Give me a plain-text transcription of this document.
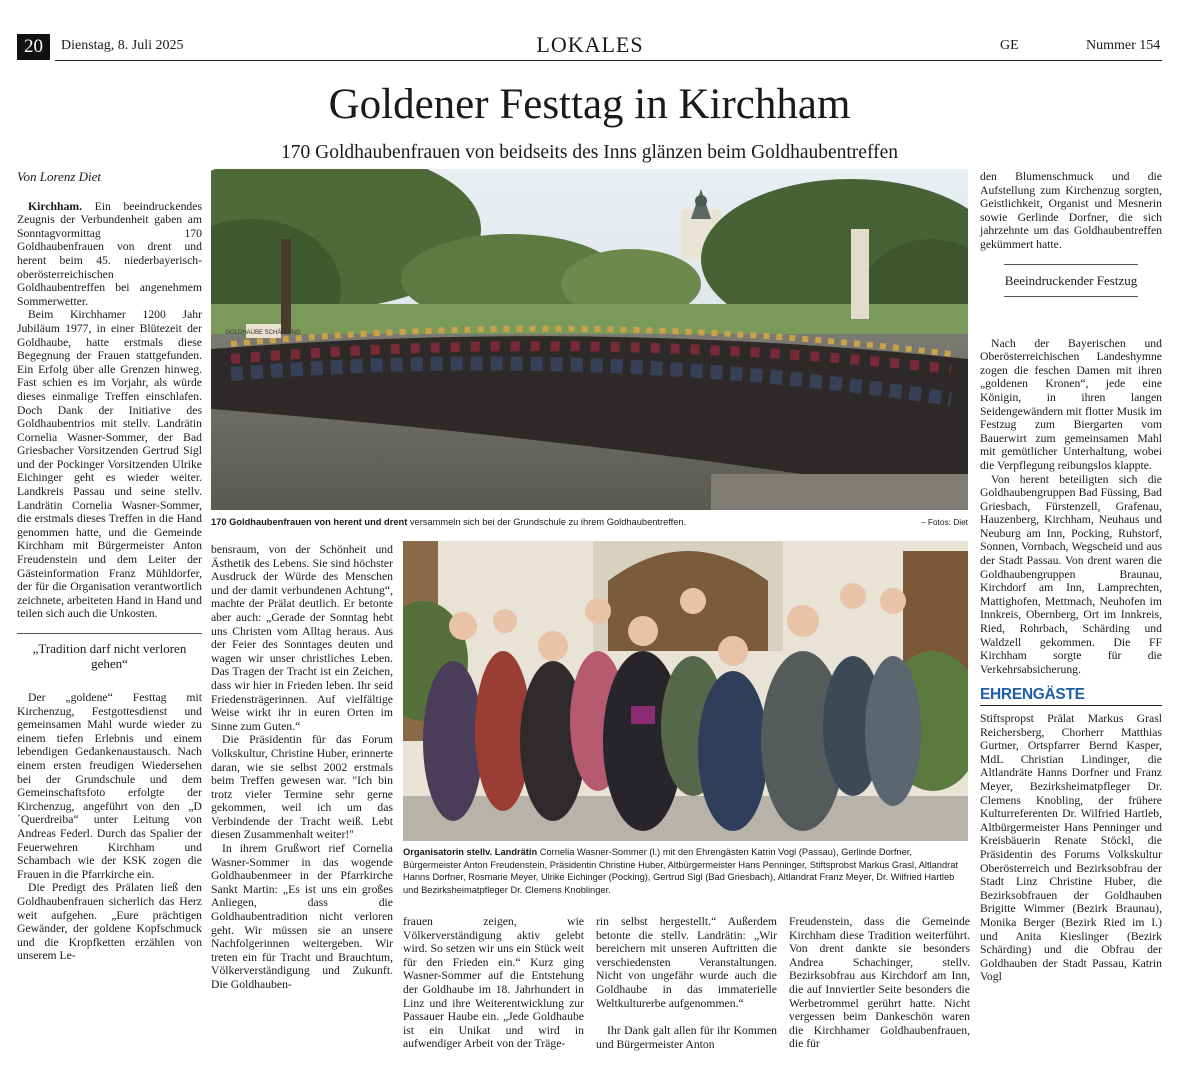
20	Dienstag, 8. Juli 2025	LOKALES	GE	Nummer 154
Goldener Festtag in Kirchham
170 Goldhaubenfrauen von beidseits des Inns glänzen beim Goldhaubentreffen
Von Lorenz Diet

Kirchham. Ein beeindruckendes Zeugnis der Verbundenheit gaben am Sonntagvormittag 170 Goldhaubenfrauen von drent und herent beim 45. niederbayerisch-oberösterreichischen Goldhaubentreffen bei angenehmem Sommerwetter.

Beim Kirchhamer 1200 Jahr Jubiläum 1977, in einer Blütezeit der Goldhaube, hatte erstmals diese Begegnung der Frauen stattgefunden. Ein Erfolg über alle Grenzen hinweg. Fast schien es im Vorjahr, als würde dieses einmalige Treffen einschlafen. Doch Dank der Initiative des Goldhaubentrios mit stellv. Landrätin Cornelia Wasner-Sommer, der Bad Griesbacher Vorsitzenden Gertrud Sigl und der Pockinger Vorsitzenden Ulrike Eichinger geht es wieder weiter. Landkreis Passau und seine stellv. Landrätin Cornelia Wasner-Sommer, die erstmals dieses Treffen in die Hand genommen hatte, und die Gemeinde Kirchham mit Bürgermeister Anton Freudenstein und dem Leiter der Gästeinformation Franz Mühldorfer, der für die Organisation verantwortlich zeichnete, arbeiteten Hand in Hand und teilen sich auch die Unkosten.

„Tradition darf nicht verloren gehen“

Der „goldene“ Festtag mit Kirchenzug, Festgottesdienst und gemeinsamen Mahl wurde wieder zu einem tiefen Erlebnis und einem lebendigen Gedankenaustausch. Nach einem ersten freudigen Wiedersehen bei der Grundschule und dem Gemeinschaftsfoto erfolgte der Kirchenzug, angeführt von den „D´Querdreiba“ unter Leitung von Andreas Federl. Durch das Spalier der Feuerwehren Kirchham und Schambach wie der KSK zogen die Frauen in die Pfarrkirche ein.

Die Predigt des Prälaten ließ den Goldhaubenfrauen sicherlich das Herz weit aufgehen. „Eure prächtigen Gewänder, der goldene Kopfschmuck und die Kropfketten erzählen von unserem Le-

GOLDHAUBE SCHÄRDING
170 Goldhaubenfrauen von herent und drent versammeln sich bei der Grundschule zu ihrem Goldhaubentreffen.	– Fotos: Diet

bensraum, von der Schönheit und Ästhetik des Lebens. Sie sind höchster Ausdruck der Würde des Menschen und der damit verbundenen Achtung“, machte der Prälat deutlich. Er betonte aber auch: „Gerade der Sonntag hebt uns Christen vom Alltag heraus. Aus der Feier des Sonntages deuten und wagen wir unser christliches Leben. Das Tragen der Tracht ist ein Zeichen, dass wir hier in Frieden leben. Ihr seid Friedensträgerinnen. Auf vielfältige Weise wirkt ihr in euren Orten im Sinne zum Guten.“

Die Präsidentin für das Forum Volkskultur, Christine Huber, erinnerte daran, wie sie selbst 2002 erstmals beim Treffen gewesen war. "Ich bin trotz vieler Termine sehr gerne gekommen, weil ich um das Verbindende der Tracht weiß. Lebt diesen Zusammenhalt weiter!"

In ihrem Grußwort rief Cornelia Wasner-Sommer in das wogende Goldhaubenmeer in der Pfarrkirche Sankt Martin: „Es ist uns ein großes Anliegen, dass die Goldhaubentradition nicht verloren geht. Wir müssen sie an unsere Nachfolgerinnen weitergeben. Wir treten ein für Tracht und Brauchtum, Völkerverständigung und Zukunft. Die Goldhauben-

Organisatorin stellv. Landrätin Cornelia Wasner-Sommer (l.) mit den Ehrengästen Katrin Vogl (Passau), Gerlinde Dorfner, Bürgermeister Anton Freudenstein, Präsidentin Christine Huber, Altbürgermeister Hans Penninger, Stiftsprobst Markus Grasl, Altlandrat Hanns Dorfner, Rosmarie Meyer, Ulrike Eichinger (Pocking), Gertrud Sigl (Bad Griesbach), Altlandrat Franz Meyer, Dr. Wilfried Hartleb und Bezirksheimatpfleger Dr. Clemens Knoblinger.

frauen zeigen, wie Völkerverständigung aktiv gelebt wird. So setzen wir uns ein Stück weit für den Frieden ein.“ Kurz ging Wasner-Sommer auf die Entstehung der Goldhaube im 18. Jahrhundert in Linz und ihre Weiterentwicklung zur Passauer Haube ein. „Jede Goldhaube ist ein Unikat und wird in aufwendiger Arbeit von der Träge-

rin selbst hergestellt.“ Außerdem betonte die stellv. Landrätin: „Wir bereichern mit unseren Auftritten die verschiedensten Veranstaltungen. Nicht von ungefähr wurde auch die Goldhaube in das immaterielle Weltkulturerbe aufgenommen.“

Ihr Dank galt allen für ihr Kommen und Bürgermeister Anton

Freudenstein, dass die Gemeinde Kirchham diese Tradition weiterführt. Von drent dankte sie besonders Andrea Schachinger, stellv. Bezirksobfrau aus Kirchdorf am Inn, die auf Innviertler Seite besonders die Werbetrommel gerührt hatte. Nicht vergessen beim Dankeschön waren die Kirchhamer Goldhaubenfrauen, die für

den Blumenschmuck und die Aufstellung zum Kirchenzug sorgten, Geistlichkeit, Organist und Mesnerin sowie Gerlinde Dorfner, die sich jahrzehnte um das Goldhaubentreffen gekümmert hatte.

Beeindruckender Festzug

Nach der Bayerischen und Oberösterreichischen Landeshymne zogen die feschen Damen mit ihren „goldenen Kronen“, jede eine Königin, in ihren langen Seidengewändern mit flotter Musik im Festzug zum Biergarten vom Bauerwirt zum gemeinsamen Mahl mit gemütlicher Unterhaltung, wobei die Verpflegung reibungslos klappte.

Von herent beteiligten sich die Goldhaubengruppen Bad Füssing, Bad Griesbach, Fürstenzell, Grafenau, Hauzenberg, Kirchham, Neuhaus und Neuburg am Inn, Pocking, Ruhstorf, Sonnen, Vornbach, Wegscheid und aus der Stadt Passau. Von drent waren die Goldhaubengruppen Braunau, Kirchdorf am Inn, Lamprechten, Mattighofen, Mettmach, Neuhofen im Innkreis, Obernberg, Ort im Innkreis, Ried, Rohrbach, Schärding und Waldzell gekommen. Die FF Kirchham sorgte für die Verkehrsabsicherung.

EHRENGÄSTE

Stiftspropst Prälat Markus Grasl Reichersberg, Chorherr Matthias Gurtner, Ortspfarrer Bernd Kasper, MdL Christian Lindinger, die Altlandräte Hanns Dorfner und Franz Meyer, Bezirksheimatpfleger Dr. Clemens Knobling, der frühere Kulturreferenten Dr. Wilfried Hartleb, Altbürgermeister Hans Penninger und Kreisbäuerin Renate Stöckl, die Präsidentin des Forums Volkskultur Oberösterreich und Bezirksobfrau der Stadt Linz Christine Huber, die Bezirksobfrauen der Goldhauben Brigitte Wimmer (Bezirk Braunau), Monika Berger (Bezirk Ried im I.) und Anita Kieslinger (Bezirk Schärding) und die Obfrau der Goldhauben der Stadt Passau, Katrin Vogl
